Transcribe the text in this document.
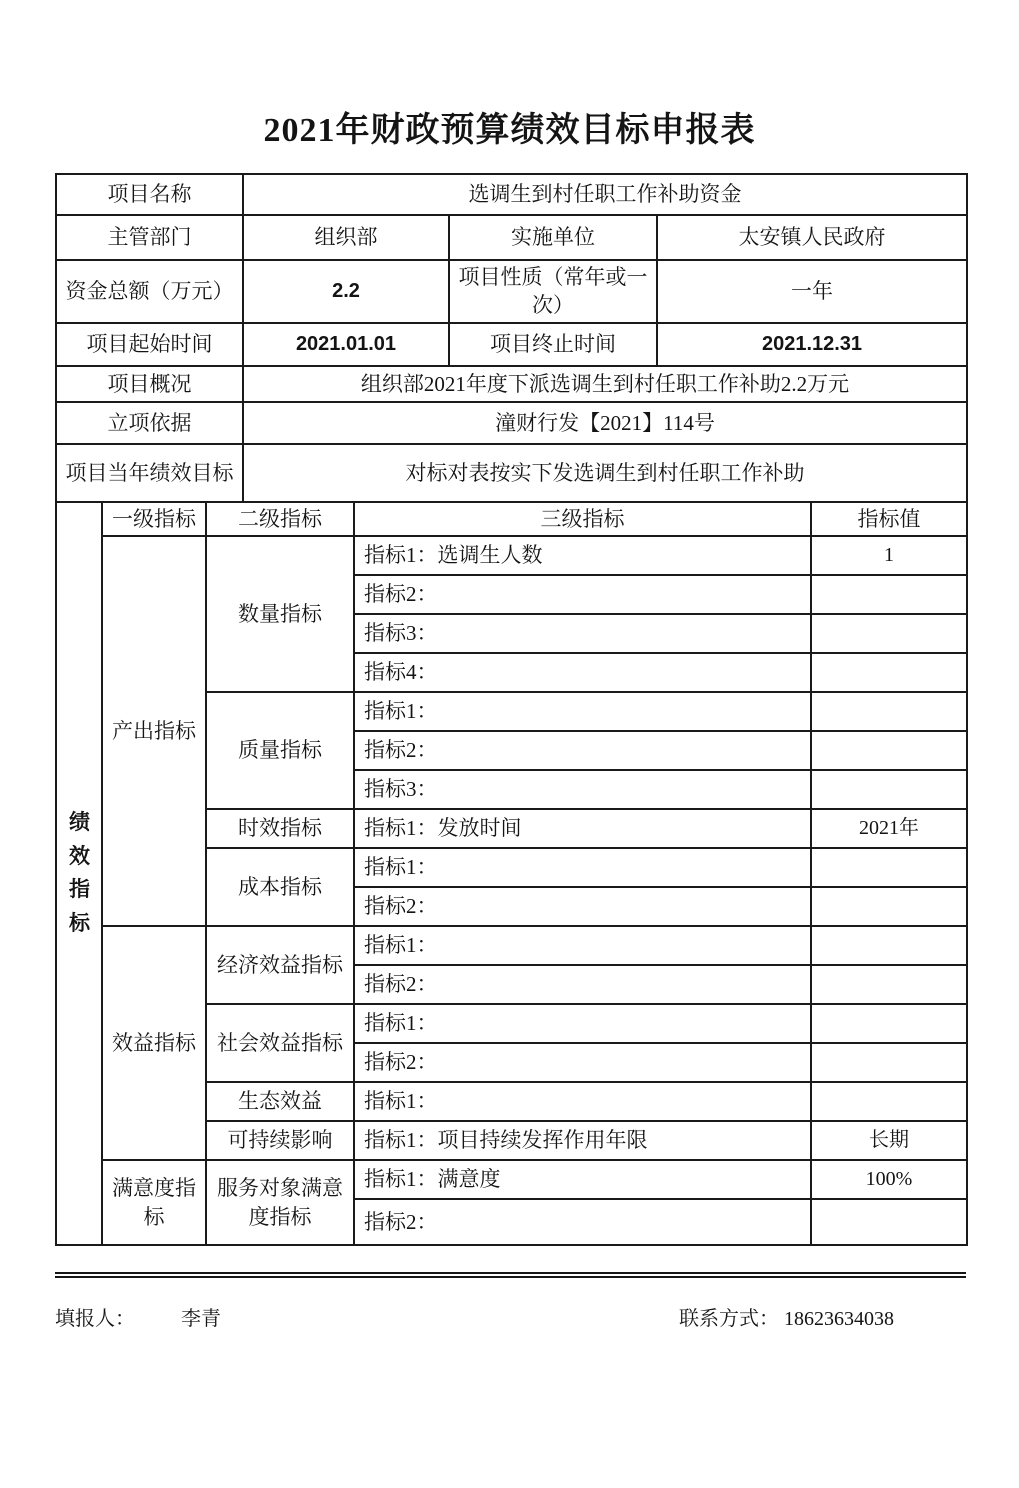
2021年财政预算绩效目标申报表
项目名称	选调生到村任职工作补助资金		
主管部门	组织部	实施单位	太安镇人民政府
资金总额（万元）	2.2	项目性质（常年或一次）	一年
项目起始时间	2021.01.01	项目终止时间	2021.12.31
项目概况	组织部2021年度下派选调生到村任职工作补助2.2万元		
立项依据	潼财行发【2021】114号		
项目当年绩效目标	对标对表按实下发选调生到村任职工作补助		
绩效指标	一级指标	二级指标	三级指标	指标值
	产出指标	数量指标	指标1：选调生人数	1
			指标2：	
			指标3：	
			指标4：	
		质量指标	指标1：	
			指标2：	
			指标3：	
		时效指标	指标1：发放时间	2021年
		成本指标	指标1：	
			指标2：	
	效益指标	经济效益指标	指标1：	
			指标2：	
		社会效益指标	指标1：	
			指标2：	
		生态效益	指标1：	
		可持续影响	指标1：项目持续发挥作用年限	长期
	满意度指标	服务对象满意度指标	指标1：满意度	100%
			指标2：	
填报人： 李青	联系方式： 18623634038
